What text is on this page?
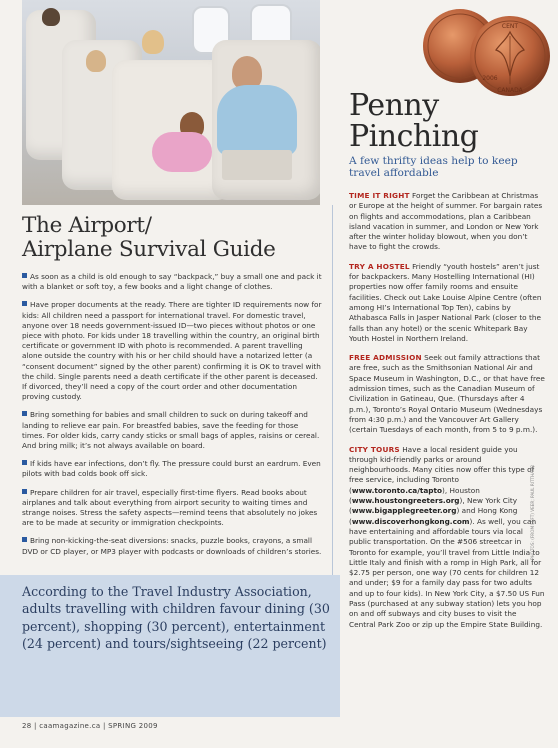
CENT
CANADA
2006
The Airport/
Airplane Survival Guide

As soon as a child is old enough to say “backpack,” buy a small one and pack it with a blanket or soft toy, a few books and a light change of clothes.

Have proper documents at the ready. There are tighter ID requirements now for kids: All children need a passport for international travel. For domestic travel, anyone over 18 needs government-issued ID—two pieces without photos or one piece with photo. For kids under 18 travelling within the country, an original birth certificate or government ID with photo is recommended. A parent travelling alone outside the country with his or her child should have a notarized letter (a “consent document” signed by the other parent) confirming it is OK to travel with the child. Single parents need a death certificate if the other parent is deceased. If divorced, they’ll need a copy of the court order and other documentation proving custody.

Bring something for babies and small children to suck on during takeoff and landing to relieve ear pain. For breastfed babies, save the feeding for those times. For older kids, carry candy sticks or small bags of apples, raisins or cereal. And bring milk; it’s not always available on board.

If kids have ear infections, don’t fly. The pressure could burst an eardrum. Even pilots with bad colds book off sick.

Prepare children for air travel, especially first-time flyers. Read books about airplanes and talk about everything from airport security to waiting times and strange noises. Stress the safety aspects—remind teens that absolutely no jokes are to be made at security or immigration checkpoints.

Bring non-kicking-the-seat diversions: snacks, puzzle books, crayons, a small DVD or CD player, or MP3 player with podcasts or downloads of children’s stories.

According to the Travel Industry Association, adults travelling with children favour dining (30 percent), shopping (30 percent), entertainment (24 percent) and tours/sightseeing (22 percent)

Penny
Pinching

A few thrifty ideas help to keep travel affordable

TIME IT RIGHT Forget the Caribbean at Christmas or Europe at the height of summer. For bargain rates on flights and accommodations, plan a Caribbean island vacation in summer, and London or New York after the winter holiday blowout, when you don’t have to fight the crowds.

TRY A HOSTEL Friendly “youth hostels” aren’t just for backpackers. Many Hostelling International (HI) properties now offer family rooms and ensuite facilities. Check out Lake Louise Alpine Centre (often among HI’s International Top Ten), cabins by Athabasca Falls in Jasper National Park (closer to the falls than any hotel) or the scenic Whitepark Bay Youth Hostel in Northern Ireland.

FREE ADMISSION Seek out family attractions that are free, such as the Smithsonian National Air and Space Museum in Washington, D.C., or that have free admission times, such as the Canadian Museum of Civilization in Gatineau, Que. (Thursdays after 4 p.m.), Toronto’s Royal Ontario Museum (Wednesdays from 4:30 p.m.) and the Vancouver Art Gallery (certain Tuesdays of each month, from 5 to 9 p.m.).

CITY TOURS Have a local resident guide you through kid-friendly parks or around neighbourhoods. Many cities now offer this type of free service, including Toronto (www.toronto.ca/tapto), Houston (www.houstongreeters.org), New York City (www.bigapplegreeter.org) and Hong Kong (www.discoverhongkong.com). As well, you can have entertaining and affordable tours via local public transportation. On the #506 streetcar in Toronto for example, you’ll travel from Little India to Little Italy and finish with a romp in High Park, all for $2.75 per person, one way (70 cents for children 12 and under; $9 for a family day pass for two adults and up to four kids). In New York City, a $7.50 US Fun Pass (purchased at any subway station) lets you hop on and off subways and city buses to visit the Central Park Zoo or zip up the Empire State Building.

PHOTOS: (FROM LEFT) VEER; PAUL RITTHAUR
28 | caamagazine.ca | SPRING 2009
